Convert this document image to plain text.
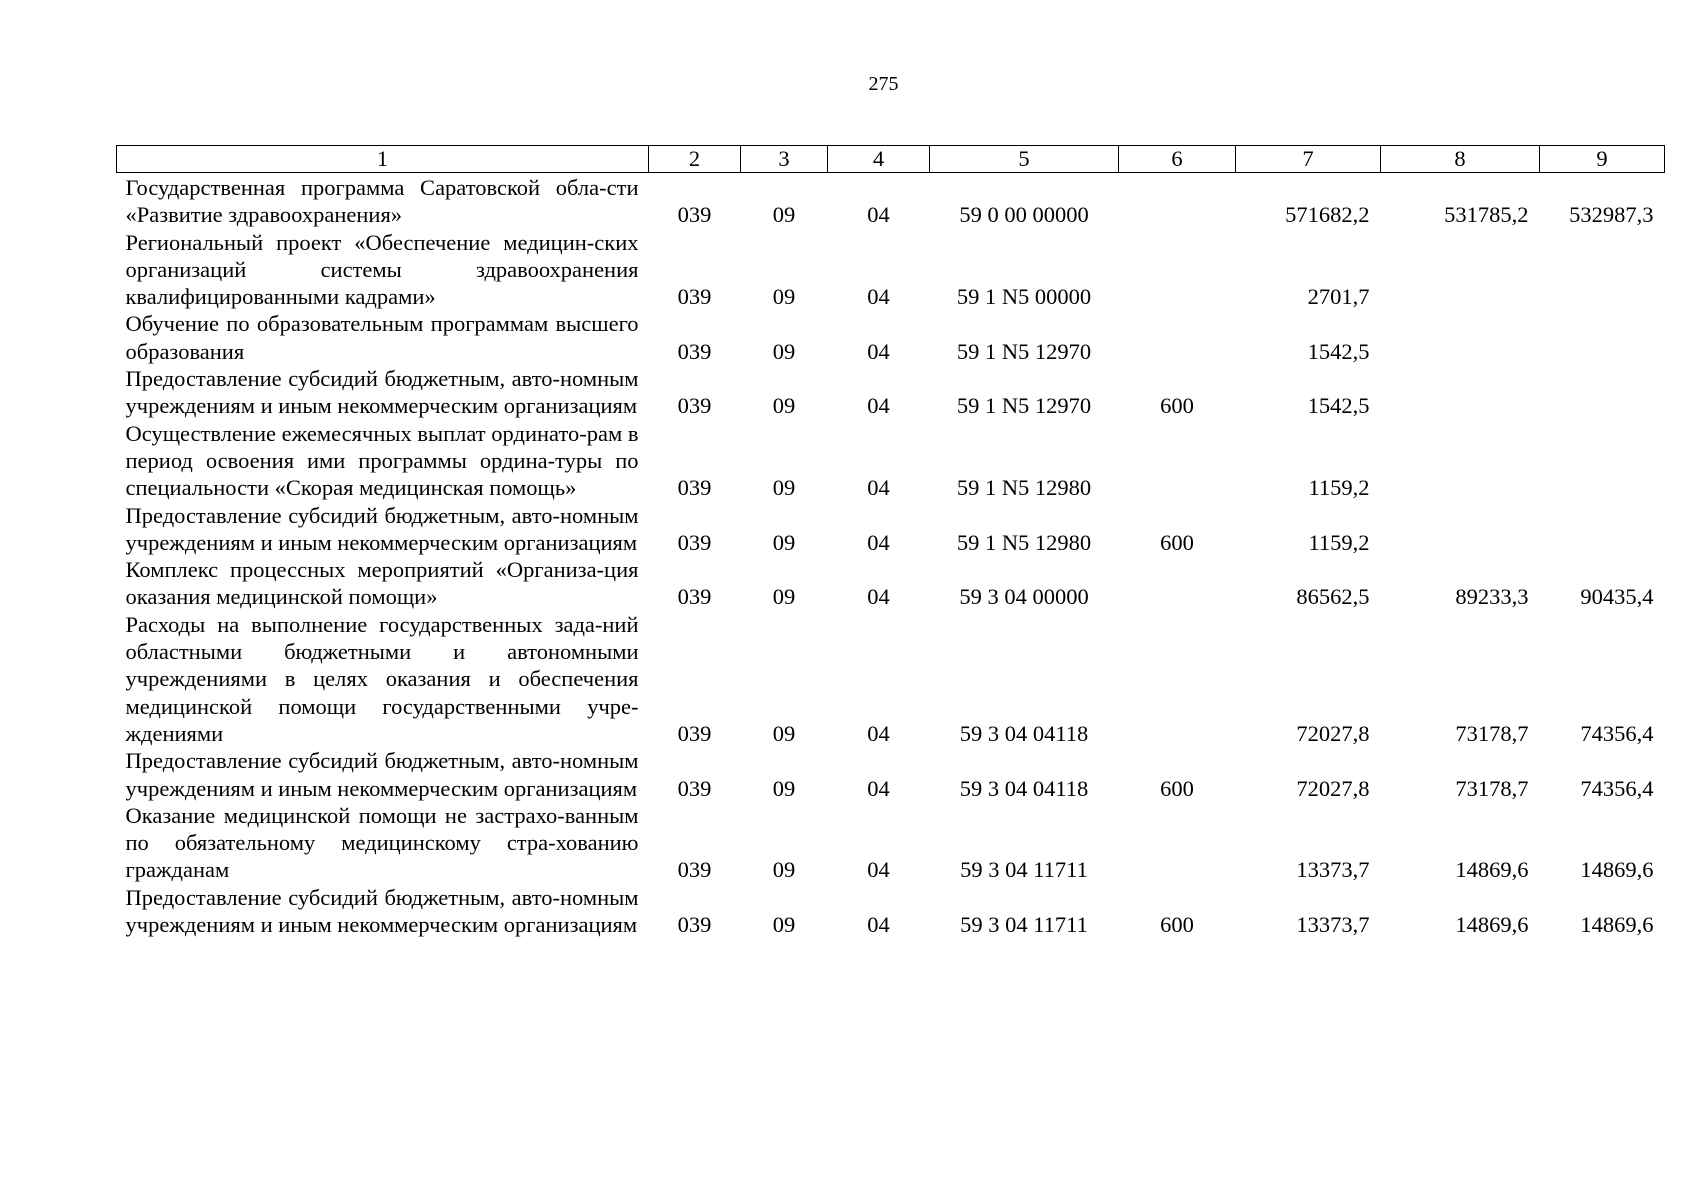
275
1	2	3	4	5	6	7	8	9
Государственная программа Саратовской обла-сти «Развитие здравоохранения»	039	09	04	59 0 00 00000		571682,2	531785,2	532987,3
Региональный проект «Обеспечение медицин-ских организаций системы здравоохранения квалифицированными кадрами»	039	09	04	59 1 N5 00000		2701,7		
Обучение по образовательным программам высшего образования	039	09	04	59 1 N5 12970		1542,5		
Предоставление субсидий бюджетным, авто-номным учреждениям и иным некоммерческим организациям	039	09	04	59 1 N5 12970	600	1542,5		
Осуществление ежемесячных выплат ординато-рам в период освоения ими программы ордина-туры по специальности «Скорая медицинская помощь»	039	09	04	59 1 N5 12980		1159,2		
Предоставление субсидий бюджетным, авто-номным учреждениям и иным некоммерческим организациям	039	09	04	59 1 N5 12980	600	1159,2		
Комплекс процессных мероприятий «Организа-ция оказания медицинской помощи»	039	09	04	59 3 04 00000		86562,5	89233,3	90435,4
Расходы на выполнение государственных зада-ний областными бюджетными и автономными учреждениями в целях оказания и обеспечения медицинской помощи государственными учре-ждениями	039	09	04	59 3 04 04118		72027,8	73178,7	74356,4
Предоставление субсидий бюджетным, авто-номным учреждениям и иным некоммерческим организациям	039	09	04	59 3 04 04118	600	72027,8	73178,7	74356,4
Оказание медицинской помощи не застрахо-ванным по обязательному медицинскому стра-хованию гражданам	039	09	04	59 3 04 11711		13373,7	14869,6	14869,6
Предоставление субсидий бюджетным, авто-номным учреждениям и иным некоммерческим организациям	039	09	04	59 3 04 11711	600	13373,7	14869,6	14869,6
